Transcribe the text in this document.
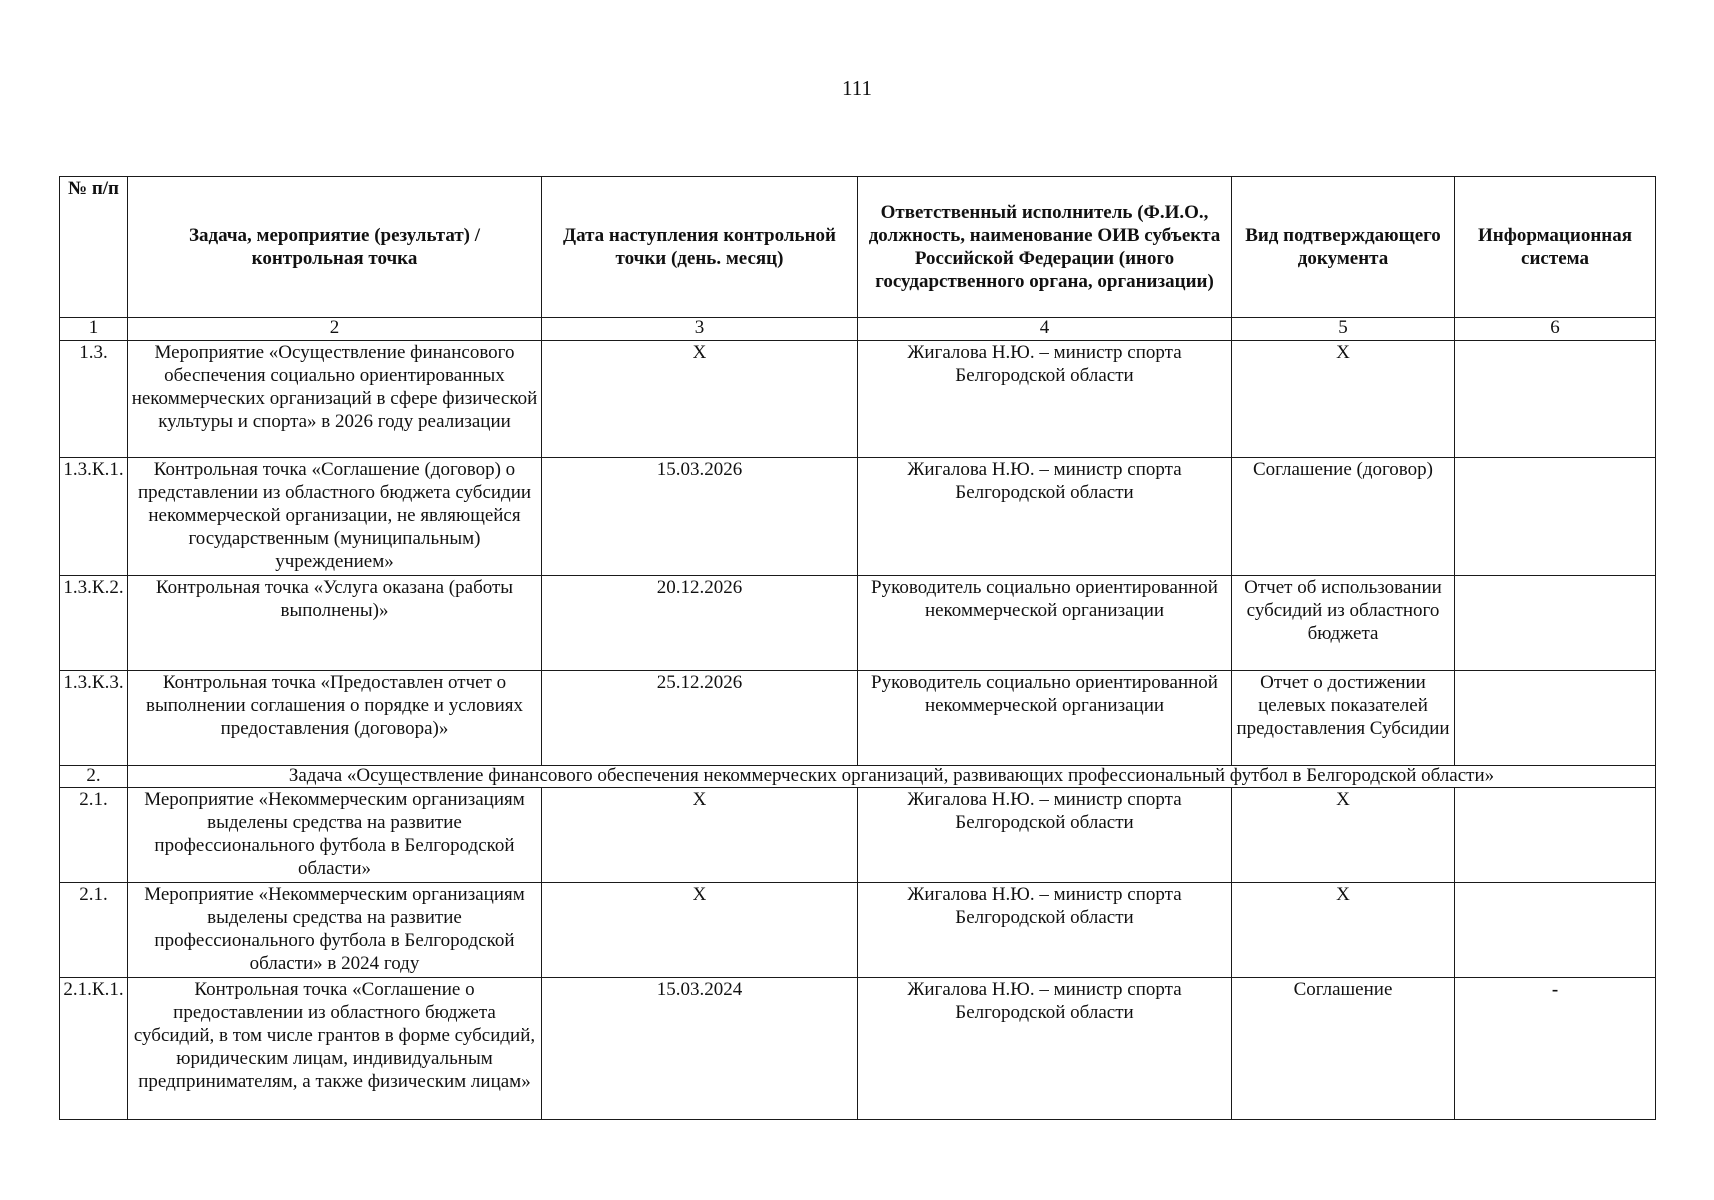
111
№ п/п	Задача, мероприятие (результат) / контрольная точка	Дата наступления контрольной точки (день. месяц)	Ответственный исполнитель (Ф.И.О., должность, наименование ОИВ субъекта Российской Федерации (иного государственного органа, организации)	Вид подтверждающего документа	Информационная система
1	2	3	4	5	6
1.3.	Мероприятие «Осуществление финансового обеспечения социально ориентированных некоммерческих организаций в сфере физической культуры и спорта» в 2026 году реализации	Х	Жигалова Н.Ю. – министр спорта Белгородской области	Х	
1.3.К.1.	Контрольная точка «Соглашение (договор) о представлении из областного бюджета субсидии некоммерческой организации, не являющейся государственным (муниципальным) учреждением»	15.03.2026	Жигалова Н.Ю. – министр спорта Белгородской области	Соглашение (договор)	
1.3.К.2.	Контрольная точка «Услуга оказана (работы выполнены)»	20.12.2026	Руководитель социально ориентированной некоммерческой организации	Отчет об использовании субсидий из областного бюджета	
1.3.К.3.	Контрольная точка «Предоставлен отчет о выполнении соглашения о порядке и условиях предоставления (договора)»	25.12.2026	Руководитель социально ориентированной некоммерческой организации	Отчет о достижении целевых показателей предоставления Субсидии	
2.	Задача «Осуществление финансового обеспечения некоммерческих организаций, развивающих профессиональный футбол в Белгородской области»				
2.1.	Мероприятие «Некоммерческим организациям выделены средства на развитие профессионального футбола в Белгородской области»	Х	Жигалова Н.Ю. – министр спорта Белгородской области	Х	
2.1.	Мероприятие «Некоммерческим организациям выделены средства на развитие профессионального футбола в Белгородской области» в 2024 году	Х	Жигалова Н.Ю. – министр спорта Белгородской области	Х	
2.1.К.1.	Контрольная точка «Соглашение о предоставлении из областного бюджета субсидий, в том числе грантов в форме субсидий, юридическим лицам, индивидуальным предпринимателям, а также физическим лицам»	15.03.2024	Жигалова Н.Ю. – министр спорта Белгородской области	Соглашение	-
